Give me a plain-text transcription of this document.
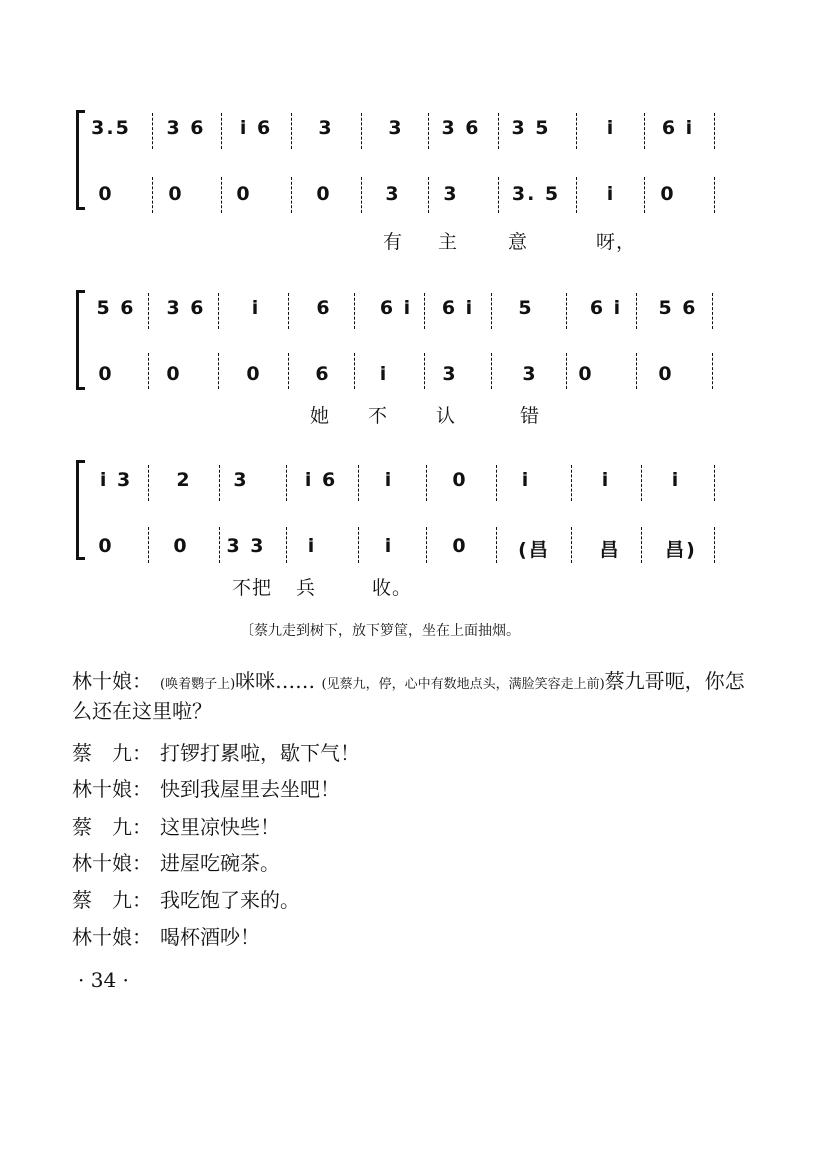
3.5	3 6	i 6	3	3	3 6	3 5	i	6 i
0	0	0	0	3	3	3. 5	i	0
有 主	意	呀，
5 6	3 6	i	6	6 i	6 i	5	6 i	5 6
0	0	0	6	i	3	3	0	0
她 不	认	错
i 3	2	3	i 6	i	0	i	i	i
0	0	3 3	i	i	0	(昌	昌	昌)
不把 兵	收。
〔蔡九走到树下，放下箩筐，坐在上面抽烟。
林十娘： (唤着鹦子上)咪咪…… (见蔡九，停，心中有数地点头，满脸笑容走上前)蔡九哥呃，你怎么还在这里啦？
蔡　九： 打锣打累啦，歇下气！
林十娘： 快到我屋里去坐吧！
蔡　九： 这里凉快些！
林十娘： 进屋吃碗茶。
蔡　九： 我吃饱了来的。
林十娘： 喝杯酒吵！
· 34 ·
